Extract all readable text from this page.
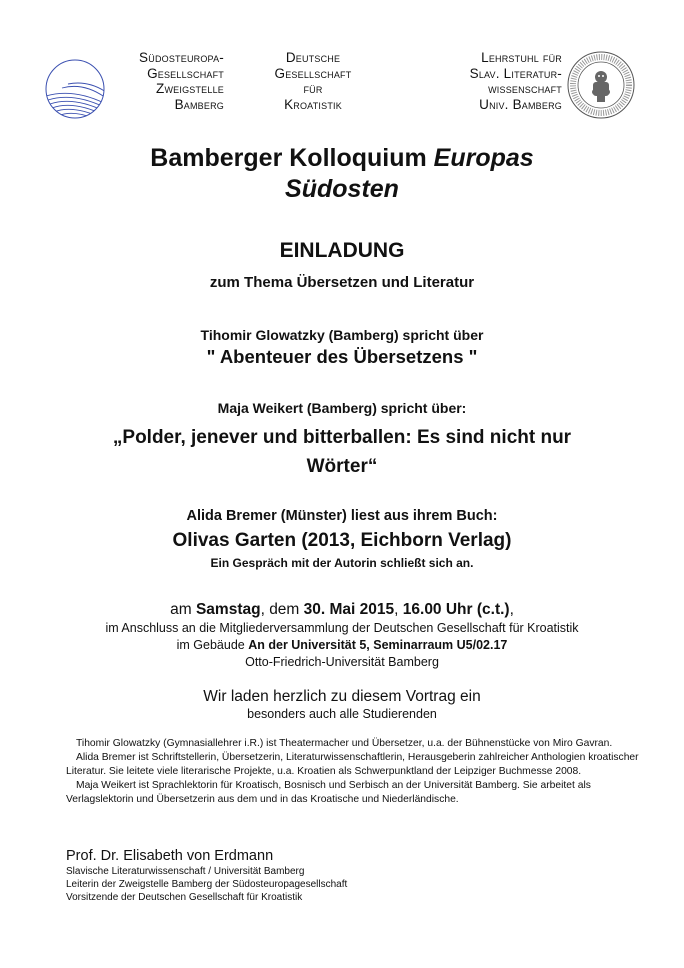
Südosteuropa-
Gesellschaft
Zweigstelle
Bamberg
Deutsche
Gesellschaft
für
Kroatistik
Lehrstuhl für
Slav. Literatur-
wissenschaft
Univ. Bamberg
Bamberger Kolloquium Europas
Südosten
EINLADUNG
zum Thema Übersetzen und Literatur
Tihomir Glowatzky (Bamberg) spricht über
" Abenteuer des Übersetzens "
Maja Weikert (Bamberg) spricht über:
„Polder, jenever und bitterballen: Es sind nicht nur
Wörter“
Alida Bremer (Münster) liest aus ihrem Buch:
Olivas Garten (2013, Eichborn Verlag)
Ein Gespräch mit der Autorin schließt sich an.
am Samstag, dem 30. Mai 2015, 16.00 Uhr (c.t.),
im Anschluss an die Mitgliederversammlung der Deutschen Gesellschaft für Kroatistik
im Gebäude An der Universität 5, Seminarraum U5/02.17
Otto-Friedrich-Universität Bamberg
Wir laden herzlich zu diesem Vortrag ein
besonders auch alle Studierenden

Tihomir Glowatzky (Gymnasiallehrer i.R.) ist Theatermacher und Übersetzer, u.a. der Bühnenstücke von Miro Gavran.

Alida Bremer ist Schriftstellerin, Übersetzerin, Literaturwissenschaftlerin, Herausgeberin zahlreicher Anthologien kroatischer Literatur. Sie leitete viele literarische Projekte, u.a. Kroatien als Schwerpunktland der Leipziger Buchmesse 2008.

Maja Weikert ist Sprachlektorin für Kroatisch, Bosnisch und Serbisch an der Universität Bamberg. Sie arbeitet als Verlagslektorin und Übersetzerin aus dem und in das Kroatische und Niederländische.

Prof. Dr. Elisabeth von Erdmann
Slavische Literaturwissenschaft / Universität Bamberg
Leiterin der Zweigstelle Bamberg der Südosteuropagesellschaft
Vorsitzende der Deutschen Gesellschaft für Kroatistik
